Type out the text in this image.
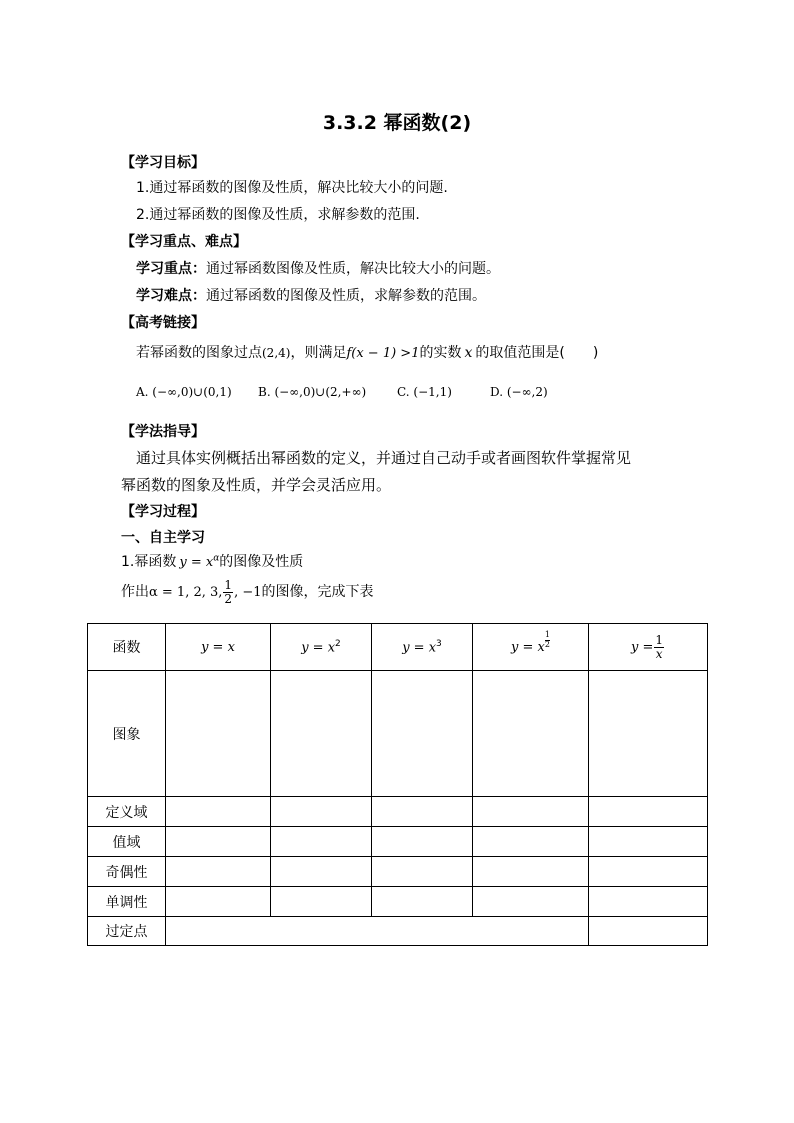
3.3.2 幂函数(2)
【学习目标】
1.通过幂函数的图像及性质，解决比较大小的问题.
2.通过幂函数的图像及性质，求解参数的范围.
【学习重点、难点】
学习重点：通过幂函数图像及性质，解决比较大小的问题。
学习难点：通过幂函数的图像及性质，求解参数的范围。
【高考链接】
若幂函数的图象过点(2,4)，则满足f(x − 1) >1的实数 x 的取值范围是(　　)
A. (−∞,0)∪(0,1) B. (−∞,0)∪(2,+∞)	C. (−1,1)	D. (−∞,2)
【学法指导】
通过具体实例概括出幂函数的定义，并通过自己动手或者画图软件掌握常见
幂函数的图象及性质，并学会灵活应用。
【学习过程】
一、自主学习
1.幂函数 $y = x^\alpha$的图像及性质
作出α = 1, 2, 3, $\frac{1}{2}$ , −1的图像，完成下表
函数	y = x	$y = x^2$	$y = x^3$	y = x $\frac{1}{2}$	$y = \frac{1}{x}$

图象					
定义域					
值域					
奇偶性					
单调性					
过定点					
